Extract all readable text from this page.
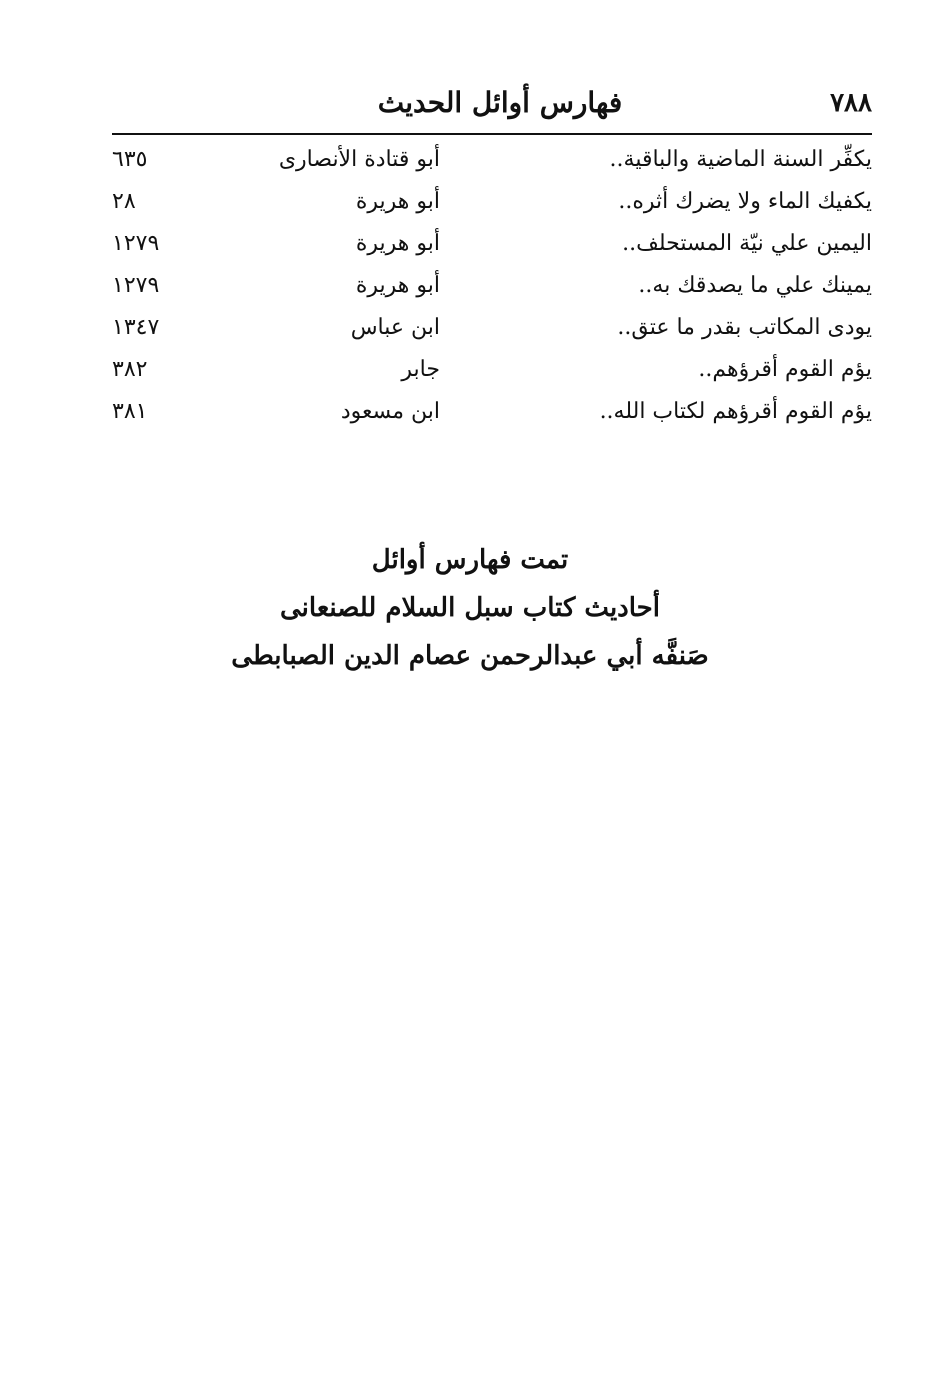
٧٨٨
فهارس أوائل الحديث
يكفِّر السنة الماضية والباقية..
أبو قتادة الأنصارى
٦٣٥
يكفيك الماء ولا يضرك أثره..
أبو هريرة
٢٨
اليمين علي نيّة المستحلف..
أبو هريرة
١٢٧٩
يمينك علي ما يصدقك به..
أبو هريرة
١٢٧٩
يودى المكاتب بقدر ما عتق..
ابن عباس
١٣٤٧
يؤم القوم أقرؤهم..
جابر
٣٨٢
يؤم القوم أقرؤهم لكتاب الله..
ابن مسعود
٣٨١
تمت فهارس أوائل
أحاديث كتاب سبل السلام للصنعانى
صَنفَّه أبي عبدالرحمن عصام الدين الصبابطى
